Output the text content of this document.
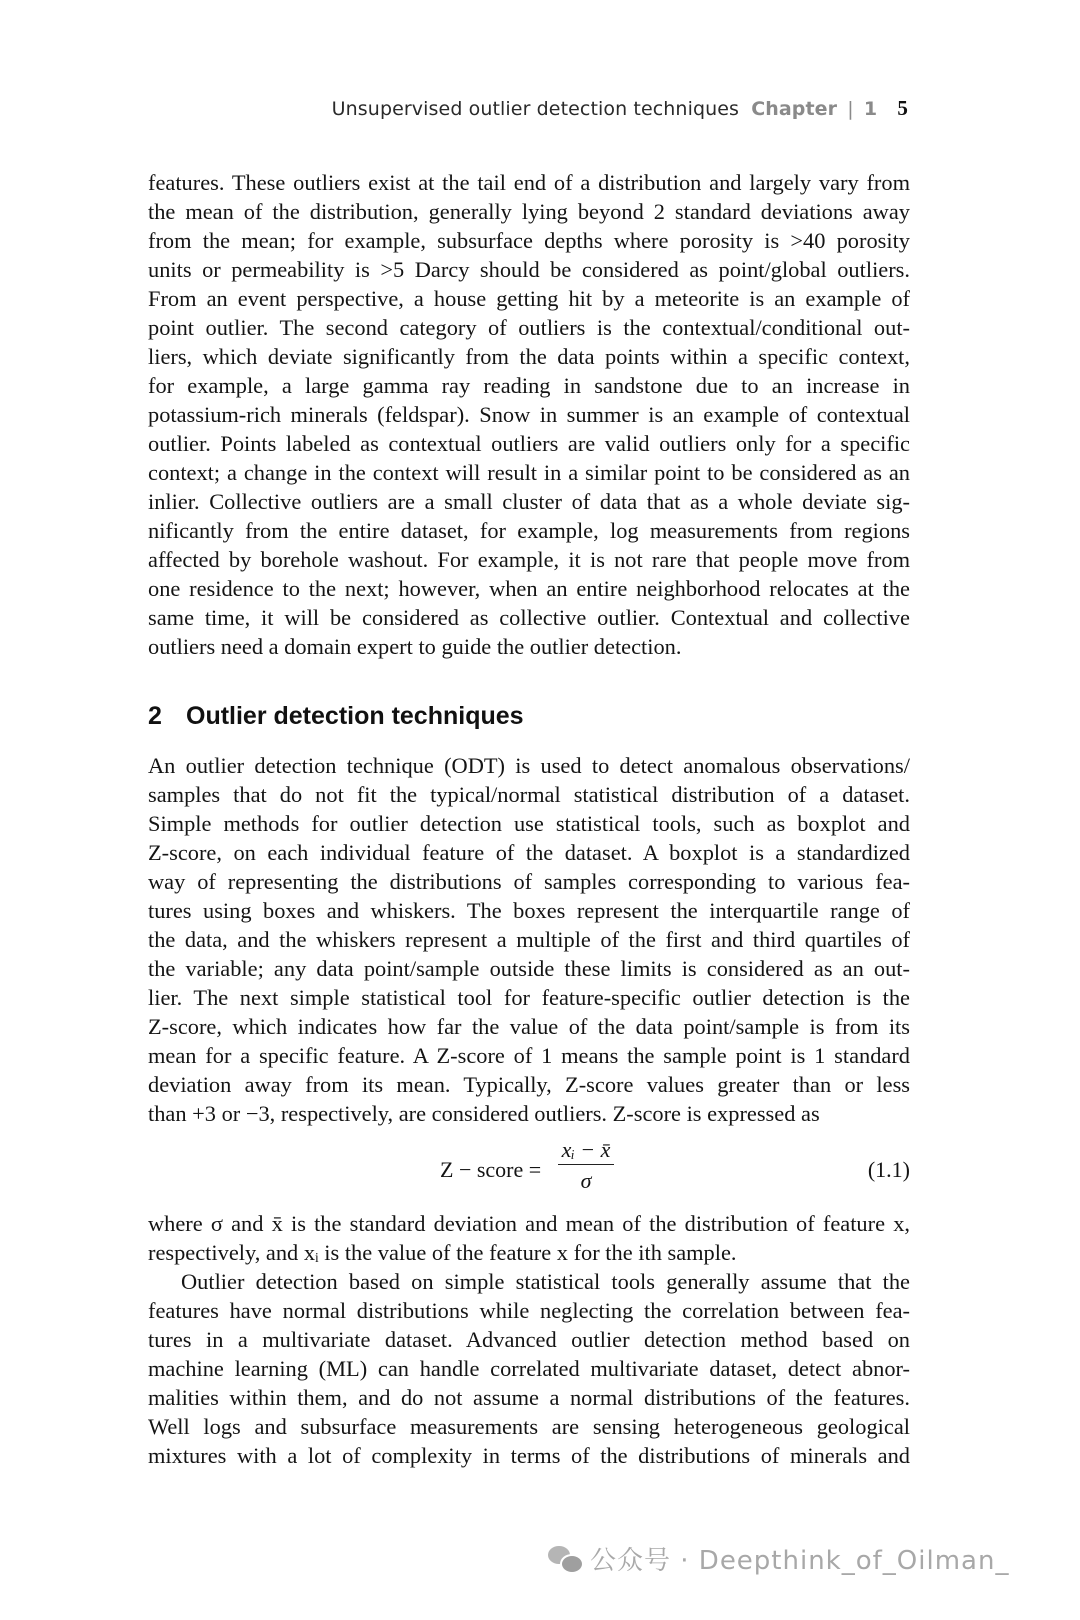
Unsupervised outlier detection techniques Chapter | 1 5
features. These outliers exist at the tail end of a distribution and largely vary from
the mean of the distribution, generally lying beyond 2 standard deviations away
from the mean; for example, subsurface depths where porosity is >40 porosity
units or permeability is >5 Darcy should be considered as point/global outliers.
From an event perspective, a house getting hit by a meteorite is an example of
point outlier. The second category of outliers is the contextual/conditional out-
liers, which deviate significantly from the data points within a specific context,
for example, a large gamma ray reading in sandstone due to an increase in
potassium-rich minerals (feldspar). Snow in summer is an example of contextual
outlier. Points labeled as contextual outliers are valid outliers only for a specific
context; a change in the context will result in a similar point to be considered as an
inlier. Collective outliers are a small cluster of data that as a whole deviate sig-
nificantly from the entire dataset, for example, log measurements from regions
affected by borehole washout. For example, it is not rare that people move from
one residence to the next; however, when an entire neighborhood relocates at the
same time, it will be considered as collective outlier. Contextual and collective
outliers need a domain expert to guide the outlier detection.
2 Outlier detection techniques
An outlier detection technique (ODT) is used to detect anomalous observations/
samples that do not fit the typical/normal statistical distribution of a dataset.
Simple methods for outlier detection use statistical tools, such as boxplot and
Z-score, on each individual feature of the dataset. A boxplot is a standardized
way of representing the distributions of samples corresponding to various fea-
tures using boxes and whiskers. The boxes represent the interquartile range of
the data, and the whiskers represent a multiple of the first and third quartiles of
the variable; any data point/sample outside these limits is considered as an out-
lier. The next simple statistical tool for feature-specific outlier detection is the
Z-score, which indicates how far the value of the data point/sample is from its
mean for a specific feature. A Z-score of 1 means the sample point is 1 standard
deviation away from its mean. Typically, Z-score values greater than or less
than +3 or −3, respectively, are considered outliers. Z-score is expressed as
Z − score =
xᵢ − x̄
σ	(1.1)
where σ and x̄ is the standard deviation and mean of the distribution of feature x,
respectively, and xᵢ is the value of the feature x for the ith sample.
Outlier detection based on simple statistical tools generally assume that the
features have normal distributions while neglecting the correlation between fea-
tures in a multivariate dataset. Advanced outlier detection method based on
machine learning (ML) can handle correlated multivariate dataset, detect abnor-
malities within them, and do not assume a normal distributions of the features.
Well logs and subsurface measurements are sensing heterogeneous geological
mixtures with a lot of complexity in terms of the distributions of minerals and
公众号 · Deepthink_of_Oilman_
